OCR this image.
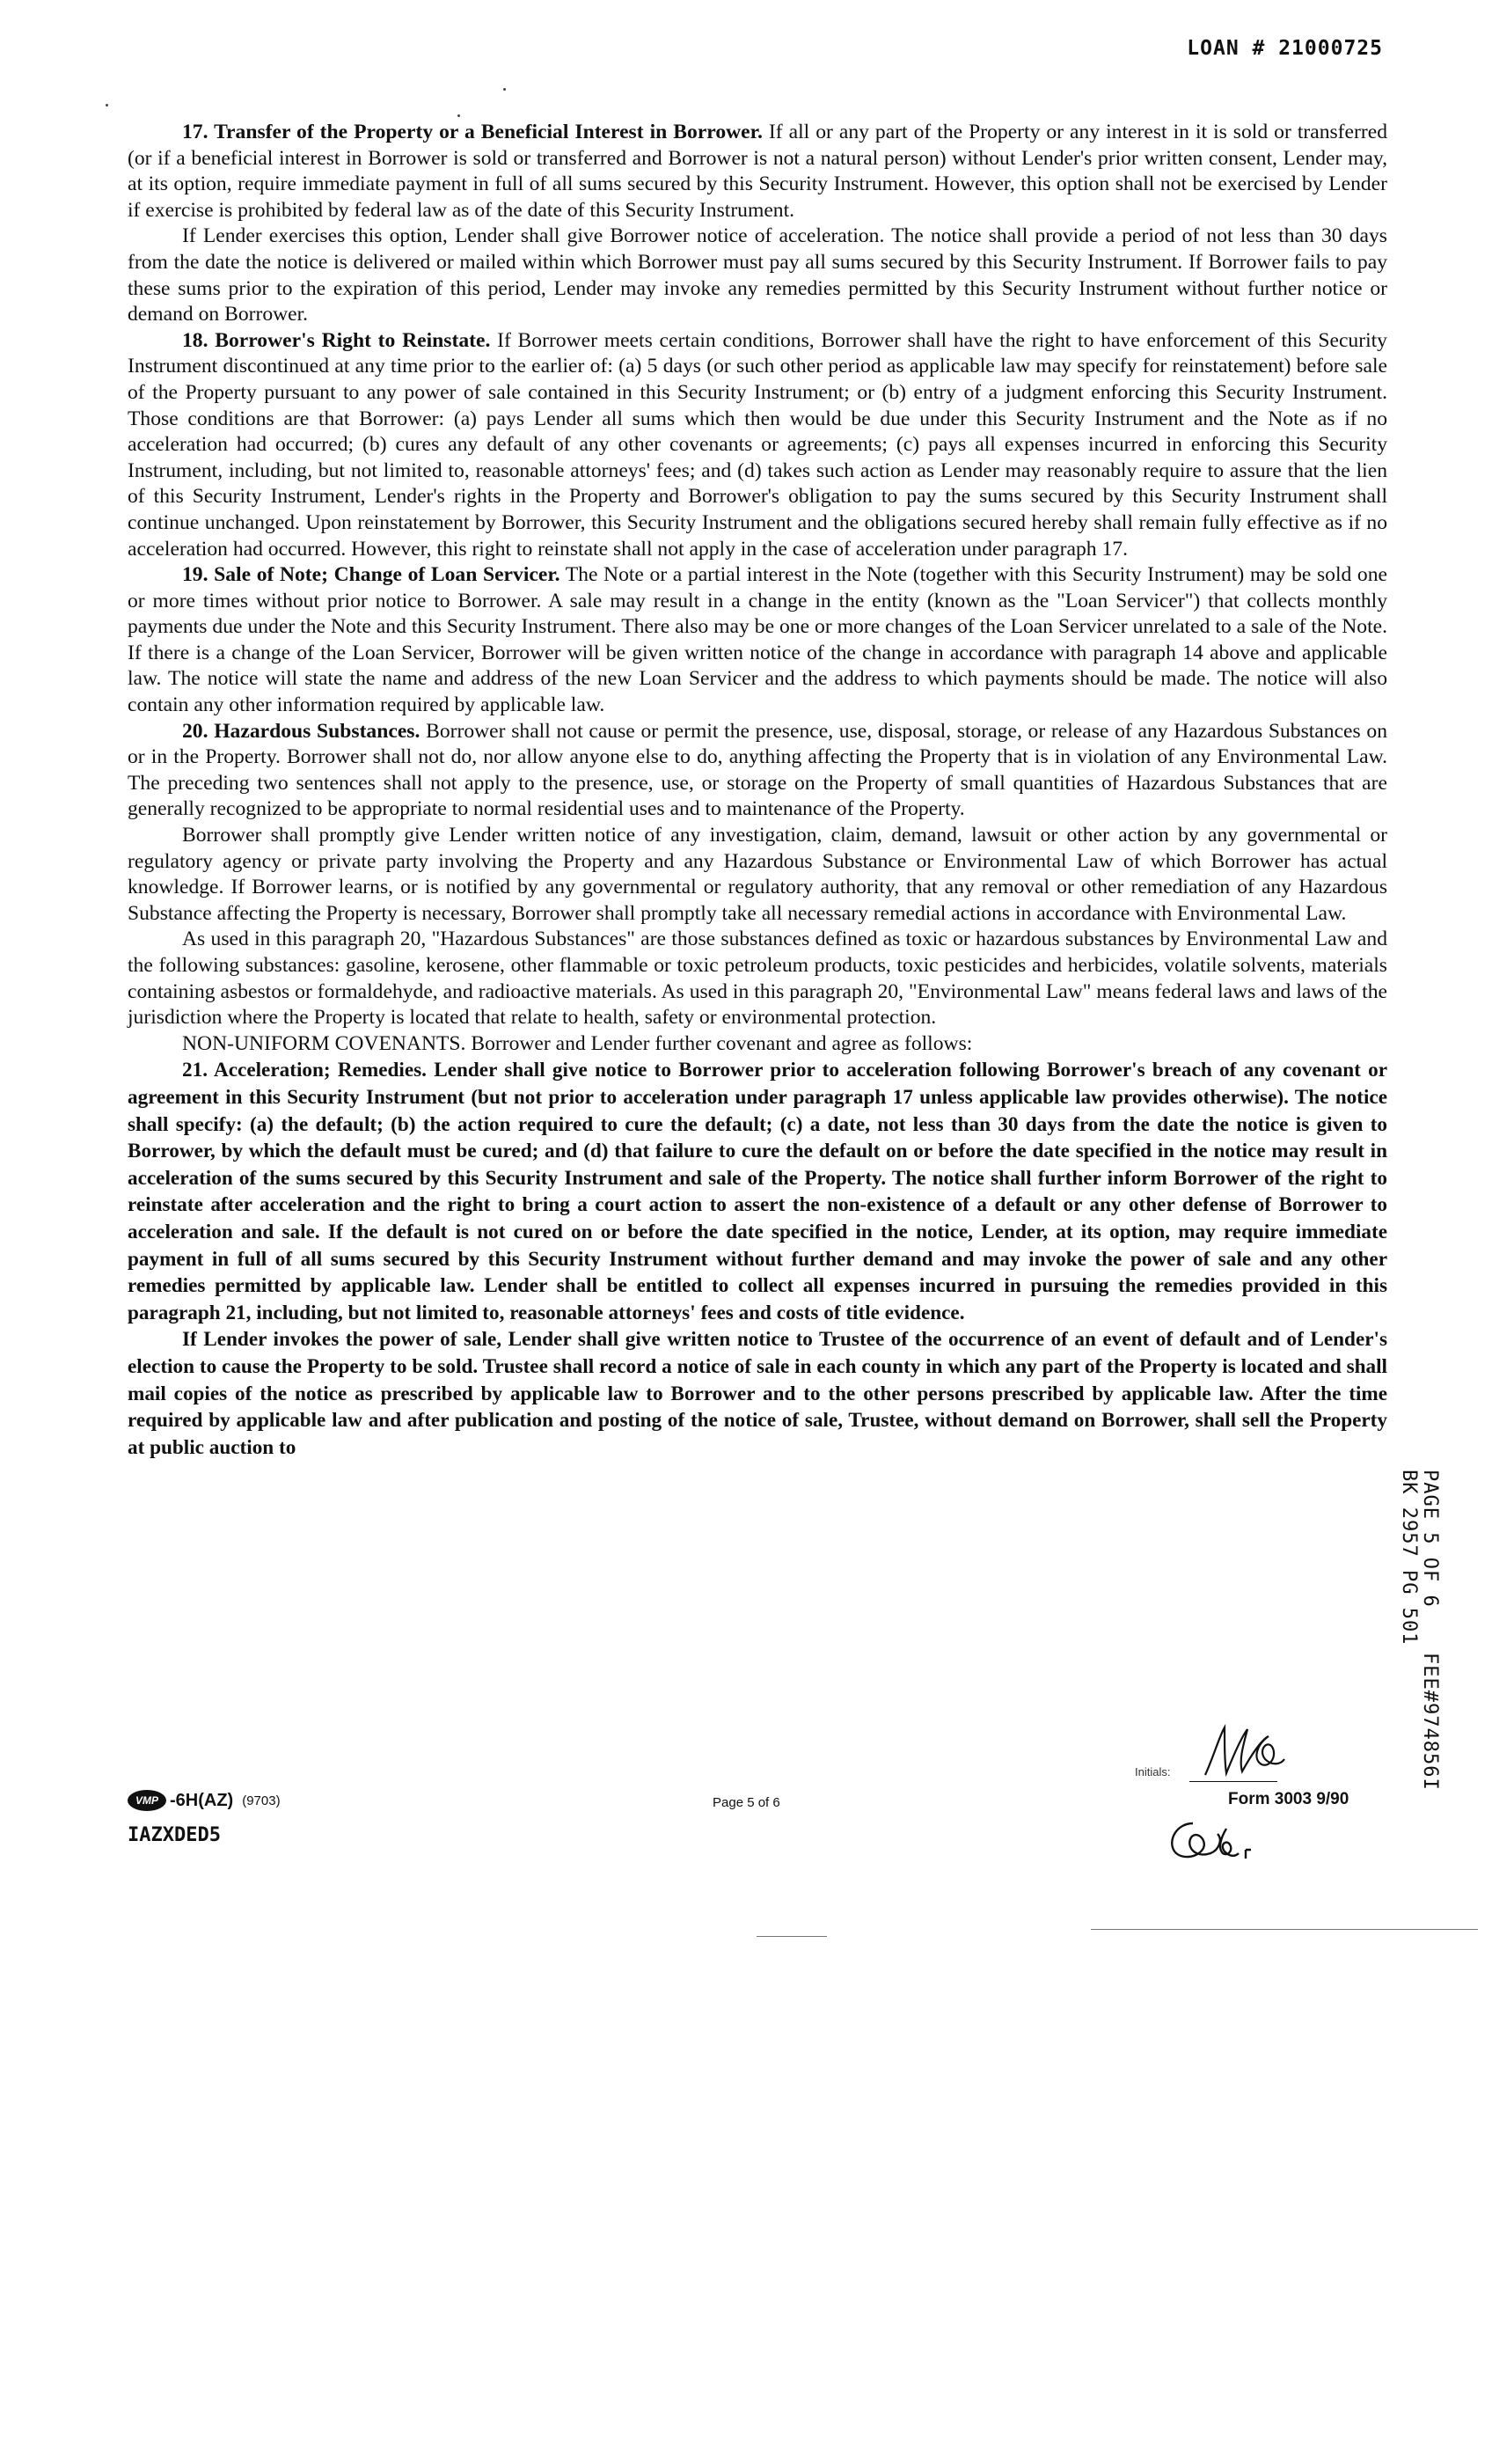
LOAN # 21000725

17. Transfer of the Property or a Beneficial Interest in Borrower. If all or any part of the Property or any interest in it is sold or transferred (or if a beneficial interest in Borrower is sold or transferred and Borrower is not a natural person) without Lender's prior written consent, Lender may, at its option, require immediate payment in full of all sums secured by this Security Instrument. However, this option shall not be exercised by Lender if exercise is prohibited by federal law as of the date of this Security Instrument.

If Lender exercises this option, Lender shall give Borrower notice of acceleration. The notice shall provide a period of not less than 30 days from the date the notice is delivered or mailed within which Borrower must pay all sums secured by this Security Instrument. If Borrower fails to pay these sums prior to the expiration of this period, Lender may invoke any remedies permitted by this Security Instrument without further notice or demand on Borrower.

18. Borrower's Right to Reinstate. If Borrower meets certain conditions, Borrower shall have the right to have enforcement of this Security Instrument discontinued at any time prior to the earlier of: (a) 5 days (or such other period as applicable law may specify for reinstatement) before sale of the Property pursuant to any power of sale contained in this Security Instrument; or (b) entry of a judgment enforcing this Security Instrument. Those conditions are that Borrower: (a) pays Lender all sums which then would be due under this Security Instrument and the Note as if no acceleration had occurred; (b) cures any default of any other covenants or agreements; (c) pays all expenses incurred in enforcing this Security Instrument, including, but not limited to, reasonable attorneys' fees; and (d) takes such action as Lender may reasonably require to assure that the lien of this Security Instrument, Lender's rights in the Property and Borrower's obligation to pay the sums secured by this Security Instrument shall continue unchanged. Upon reinstatement by Borrower, this Security Instrument and the obligations secured hereby shall remain fully effective as if no acceleration had occurred. However, this right to reinstate shall not apply in the case of acceleration under paragraph 17.

19. Sale of Note; Change of Loan Servicer. The Note or a partial interest in the Note (together with this Security Instrument) may be sold one or more times without prior notice to Borrower. A sale may result in a change in the entity (known as the "Loan Servicer") that collects monthly payments due under the Note and this Security Instrument. There also may be one or more changes of the Loan Servicer unrelated to a sale of the Note. If there is a change of the Loan Servicer, Borrower will be given written notice of the change in accordance with paragraph 14 above and applicable law. The notice will state the name and address of the new Loan Servicer and the address to which payments should be made. The notice will also contain any other information required by applicable law.

20. Hazardous Substances. Borrower shall not cause or permit the presence, use, disposal, storage, or release of any Hazardous Substances on or in the Property. Borrower shall not do, nor allow anyone else to do, anything affecting the Property that is in violation of any Environmental Law. The preceding two sentences shall not apply to the presence, use, or storage on the Property of small quantities of Hazardous Substances that are generally recognized to be appropriate to normal residential uses and to maintenance of the Property.

Borrower shall promptly give Lender written notice of any investigation, claim, demand, lawsuit or other action by any governmental or regulatory agency or private party involving the Property and any Hazardous Substance or Environmental Law of which Borrower has actual knowledge. If Borrower learns, or is notified by any governmental or regulatory authority, that any removal or other remediation of any Hazardous Substance affecting the Property is necessary, Borrower shall promptly take all necessary remedial actions in accordance with Environmental Law.

As used in this paragraph 20, "Hazardous Substances" are those substances defined as toxic or hazardous substances by Environmental Law and the following substances: gasoline, kerosene, other flammable or toxic petroleum products, toxic pesticides and herbicides, volatile solvents, materials containing asbestos or formaldehyde, and radioactive materials. As used in this paragraph 20, "Environmental Law" means federal laws and laws of the jurisdiction where the Property is located that relate to health, safety or environmental protection.

NON-UNIFORM COVENANTS. Borrower and Lender further covenant and agree as follows:

21. Acceleration; Remedies. Lender shall give notice to Borrower prior to acceleration following Borrower's breach of any covenant or agreement in this Security Instrument (but not prior to acceleration under paragraph 17 unless applicable law provides otherwise). The notice shall specify: (a) the default; (b) the action required to cure the default; (c) a date, not less than 30 days from the date the notice is given to Borrower, by which the default must be cured; and (d) that failure to cure the default on or before the date specified in the notice may result in acceleration of the sums secured by this Security Instrument and sale of the Property. The notice shall further inform Borrower of the right to reinstate after acceleration and the right to bring a court action to assert the non-existence of a default or any other defense of Borrower to acceleration and sale. If the default is not cured on or before the date specified in the notice, Lender, at its option, may require immediate payment in full of all sums secured by this Security Instrument without further demand and may invoke the power of sale and any other remedies permitted by applicable law. Lender shall be entitled to collect all expenses incurred in pursuing the remedies provided in this paragraph 21, including, but not limited to, reasonable attorneys' fees and costs of title evidence.

If Lender invokes the power of sale, Lender shall give written notice to Trustee of the occurrence of an event of default and of Lender's election to cause the Property to be sold. Trustee shall record a notice of sale in each county in which any part of the Property is located and shall mail copies of the notice as prescribed by applicable law to Borrower and to the other persons prescribed by applicable law. After the time required by applicable law and after publication and posting of the notice of sale, Trustee, without demand on Borrower, shall sell the Property at public auction to

PAGE 5 OF 6
BK 2957 PG 501
FEE#974856I
Initials:
Form 3003 9/90
VMP -6H(AZ) (9703)
IAZXDED5
Page 5 of 6
